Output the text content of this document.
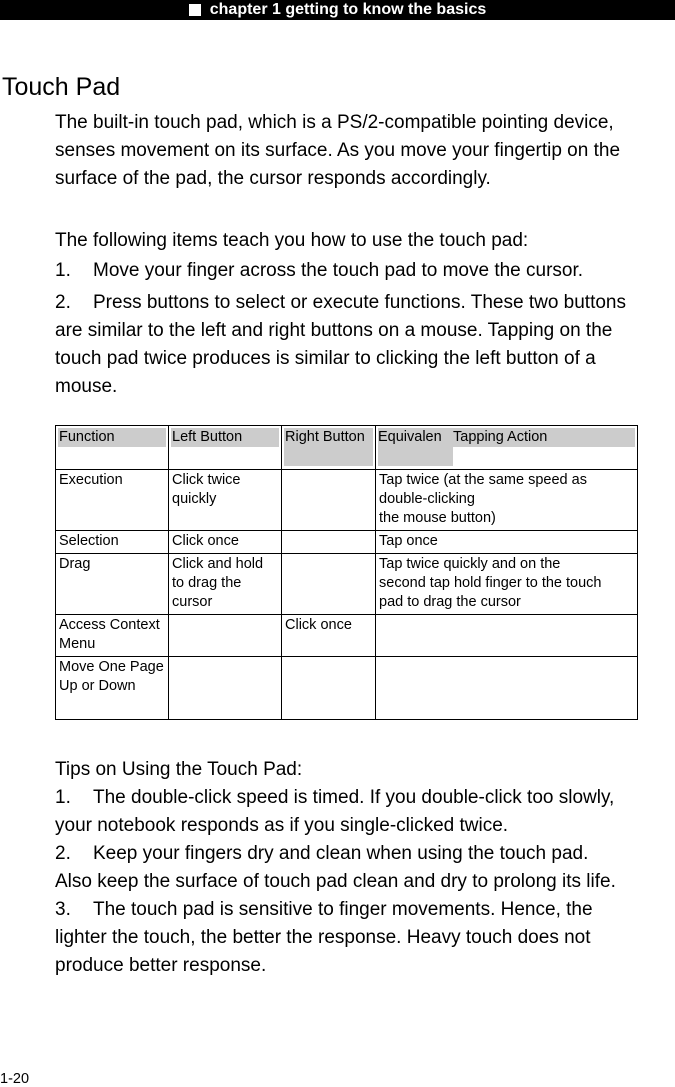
chapter 1 getting to know the basics
Touch Pad
The built-in touch pad, which is a PS/2-compatible pointing device,
senses movement on its surface. As you move your fingertip on the
surface of the pad, the cursor responds accordingly.
The following items teach you how to use the touch pad:
1. Move your finger across the touch pad to move the cursor.
2. Press buttons to select or execute functions. These two buttons
are similar to the left and right buttons on a mouse. Tapping on the
touch pad twice produces is similar to clicking the left button of a
mouse.
Function	Left Button	Right Button	Equivalen Tapping Action

Execution	Click twice quickly		Tap twice (at the same speed as
double-clicking
the mouse button)

Selection	Click once		Tap once

Drag	Click and hold to drag the cursor		Tap twice quickly and on the
second tap hold finger to the touch
pad to drag the cursor

Access Context Menu		Click once	
Move One Page Up or Down			
Tips on Using the Touch Pad:
1. The double-click speed is timed. If you double-click too slowly,
your notebook responds as if you single-clicked twice.
2. Keep your fingers dry and clean when using the touch pad.
Also keep the surface of touch pad clean and dry to prolong its life.
3. The touch pad is sensitive to finger movements. Hence, the
lighter the touch, the better the response. Heavy touch does not
produce better response.
1-20
